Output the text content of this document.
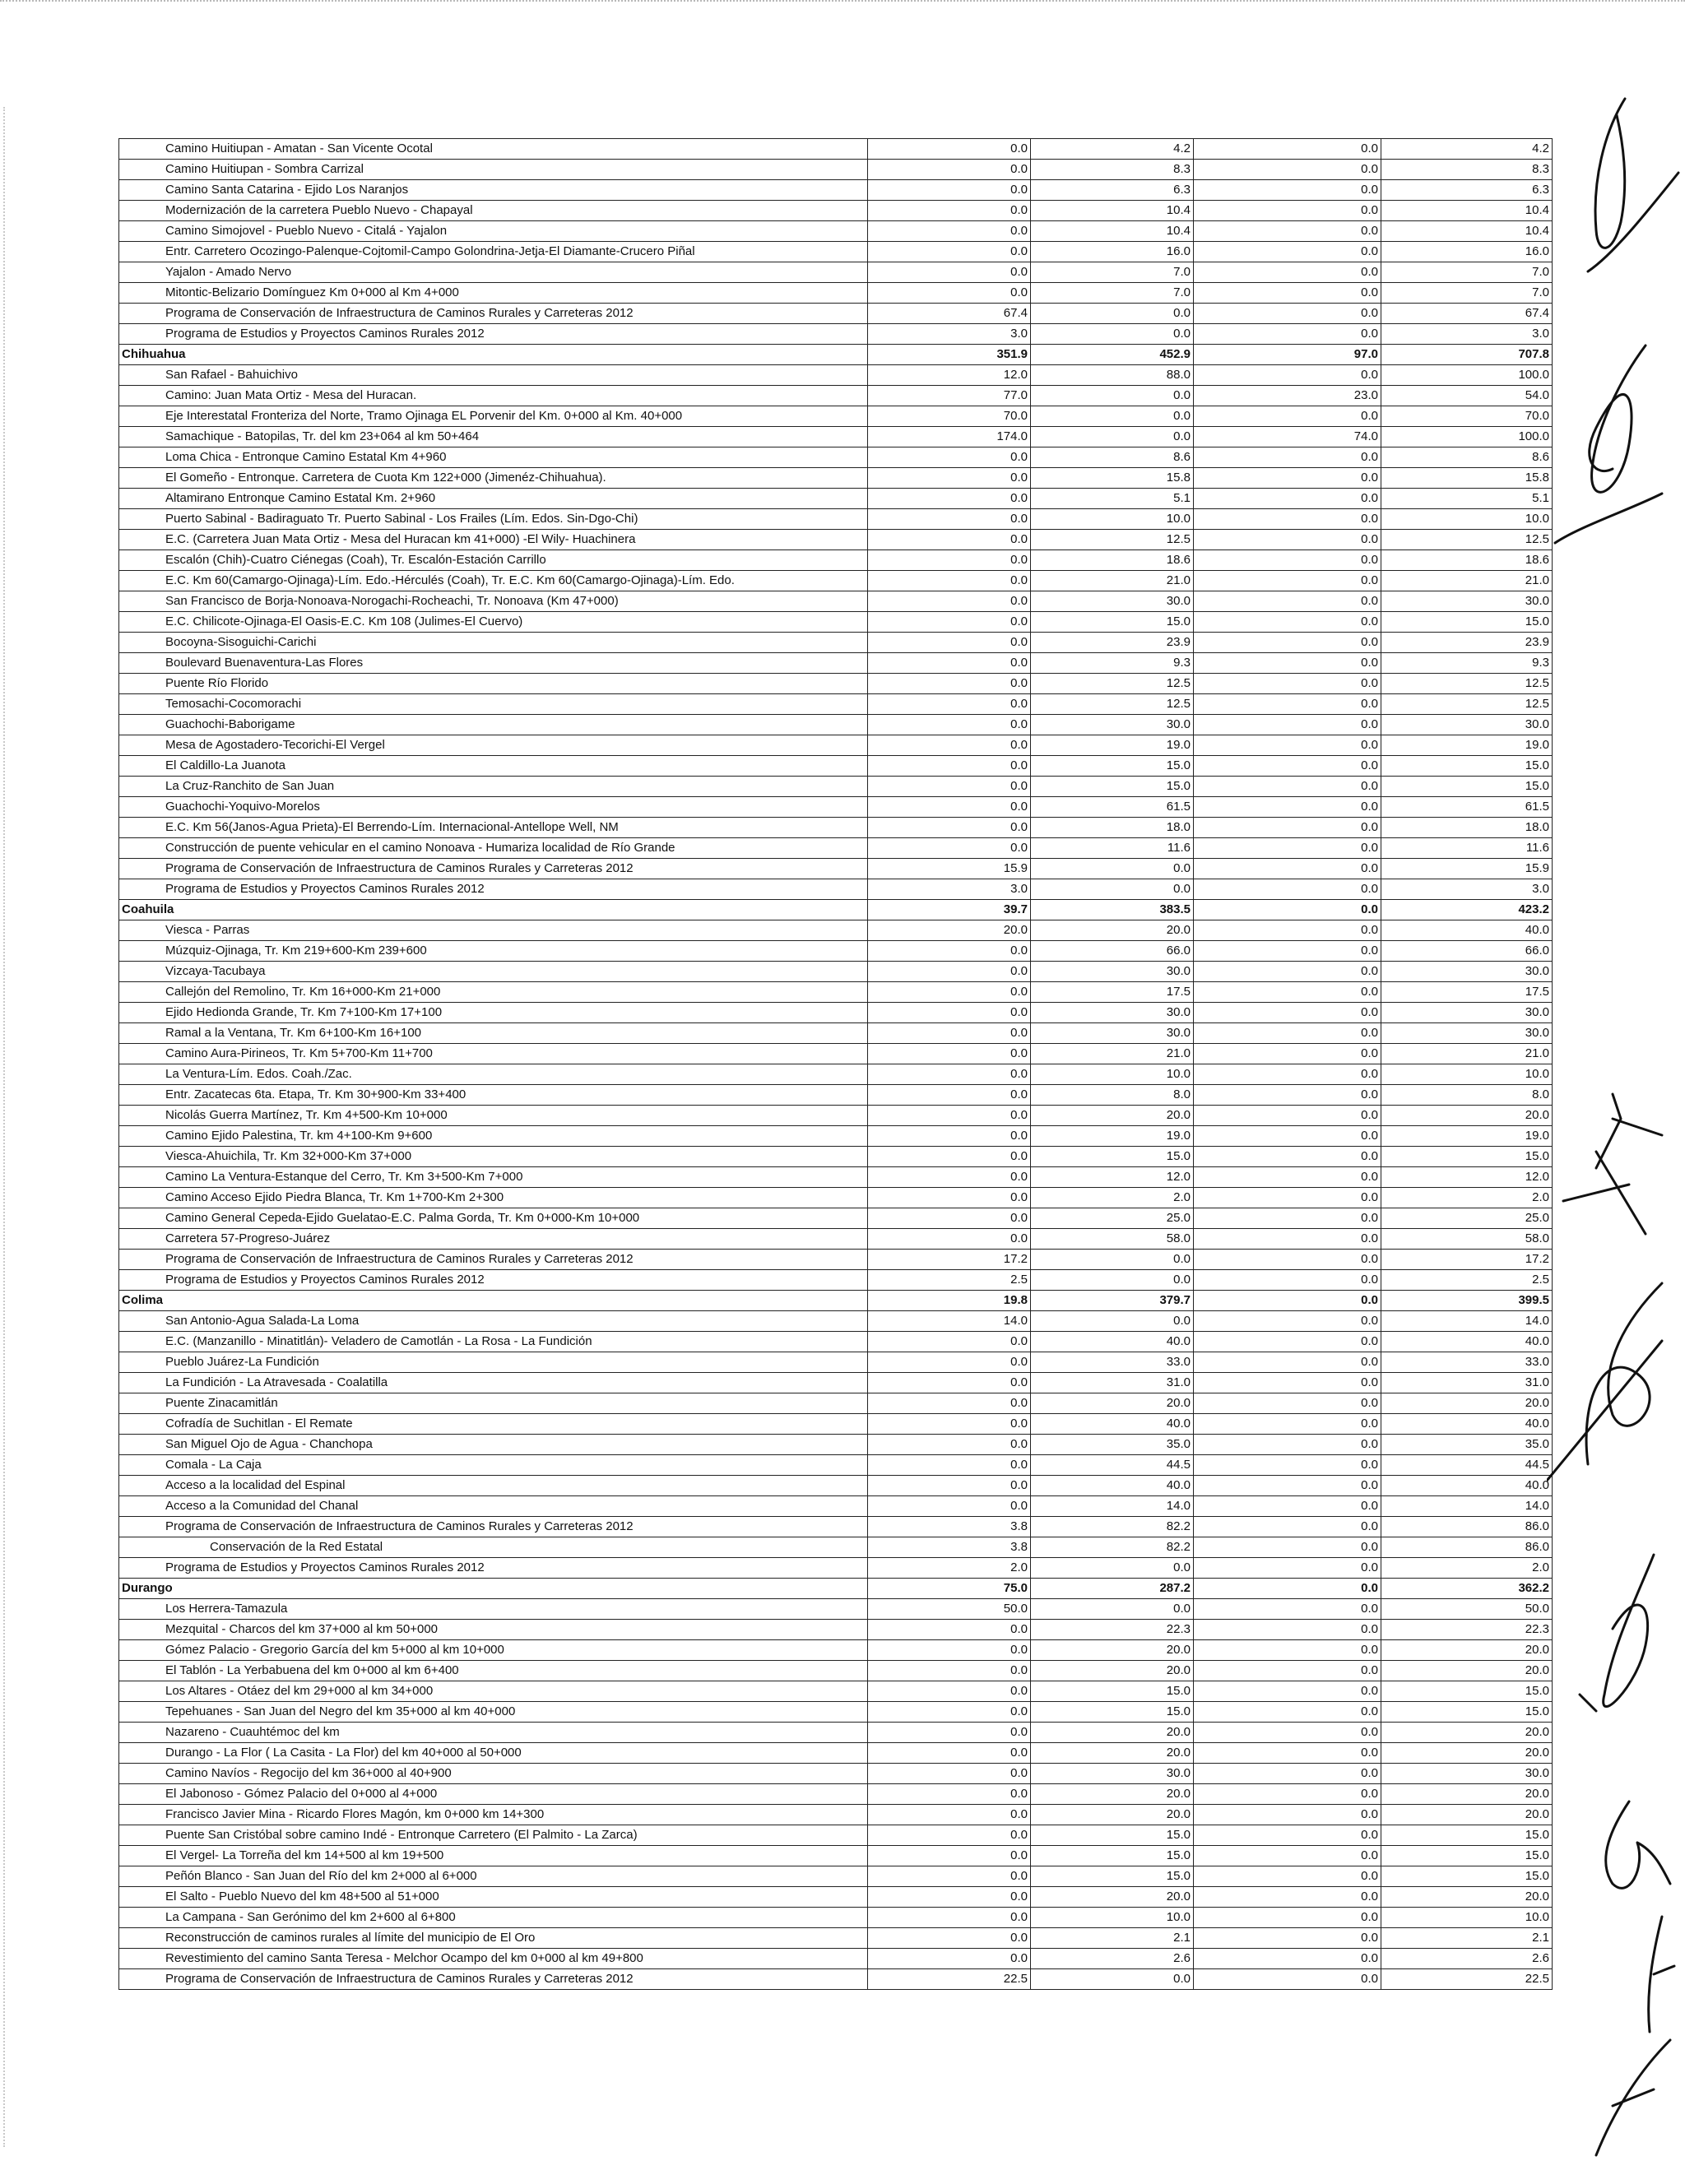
Camino Huitiupan - Amatan - San Vicente Ocotal	0.0	4.2	0.0	4.2
Camino Huitiupan - Sombra Carrizal	0.0	8.3	0.0	8.3
Camino Santa Catarina - Ejido Los Naranjos	0.0	6.3	0.0	6.3
Modernización de la carretera Pueblo Nuevo - Chapayal	0.0	10.4	0.0	10.4
Camino Simojovel - Pueblo Nuevo - Citalá - Yajalon	0.0	10.4	0.0	10.4
Entr. Carretero Ocozingo-Palenque-Cojtomil-Campo Golondrina-Jetja-El Diamante-Crucero Piñal	0.0	16.0	0.0	16.0
Yajalon - Amado Nervo	0.0	7.0	0.0	7.0
Mitontic-Belizario Domínguez Km 0+000 al Km 4+000	0.0	7.0	0.0	7.0
Programa de Conservación de Infraestructura de Caminos Rurales y Carreteras 2012	67.4	0.0	0.0	67.4
Programa de Estudios y Proyectos Caminos Rurales 2012	3.0	0.0	0.0	3.0
Chihuahua	351.9	452.9	97.0	707.8
San Rafael - Bahuichivo	12.0	88.0	0.0	100.0
Camino: Juan Mata Ortiz - Mesa del Huracan.	77.0	0.0	23.0	54.0
Eje Interestatal Fronteriza del Norte, Tramo Ojinaga EL Porvenir del Km. 0+000 al Km. 40+000	70.0	0.0	0.0	70.0
Samachique - Batopilas, Tr. del km 23+064 al km 50+464	174.0	0.0	74.0	100.0
Loma Chica - Entronque Camino Estatal Km 4+960	0.0	8.6	0.0	8.6
El Gomeño - Entronque. Carretera de Cuota Km 122+000 (Jimenéz-Chihuahua).	0.0	15.8	0.0	15.8
Altamirano Entronque Camino Estatal Km. 2+960	0.0	5.1	0.0	5.1
Puerto Sabinal - Badiraguato Tr. Puerto Sabinal - Los Frailes (Lím. Edos. Sin-Dgo-Chi)	0.0	10.0	0.0	10.0
E.C. (Carretera Juan Mata Ortiz - Mesa del Huracan km 41+000) -El Wily- Huachinera	0.0	12.5	0.0	12.5
Escalón (Chih)-Cuatro Ciénegas (Coah), Tr. Escalón-Estación Carrillo	0.0	18.6	0.0	18.6
E.C. Km 60(Camargo-Ojinaga)-Lím. Edo.-Hérculés (Coah), Tr. E.C. Km 60(Camargo-Ojinaga)-Lím. Edo.	0.0	21.0	0.0	21.0
San Francisco de Borja-Nonoava-Norogachi-Rocheachi, Tr. Nonoava (Km 47+000)	0.0	30.0	0.0	30.0
E.C. Chilicote-Ojinaga-El Oasis-E.C. Km 108 (Julimes-El Cuervo)	0.0	15.0	0.0	15.0
Bocoyna-Sisoguichi-Carichi	0.0	23.9	0.0	23.9
Boulevard Buenaventura-Las Flores	0.0	9.3	0.0	9.3
Puente Río Florido	0.0	12.5	0.0	12.5
Temosachi-Cocomorachi	0.0	12.5	0.0	12.5
Guachochi-Baborigame	0.0	30.0	0.0	30.0
Mesa de Agostadero-Tecorichi-El Vergel	0.0	19.0	0.0	19.0
El Caldillo-La Juanota	0.0	15.0	0.0	15.0
La Cruz-Ranchito de San Juan	0.0	15.0	0.0	15.0
Guachochi-Yoquivo-Morelos	0.0	61.5	0.0	61.5
E.C. Km 56(Janos-Agua Prieta)-El Berrendo-Lím. Internacional-Antellope Well, NM	0.0	18.0	0.0	18.0
Construcción de puente vehicular en el camino Nonoava - Humariza localidad de Río Grande	0.0	11.6	0.0	11.6
Programa de Conservación de Infraestructura de Caminos Rurales y Carreteras 2012	15.9	0.0	0.0	15.9
Programa de Estudios y Proyectos Caminos Rurales 2012	3.0	0.0	0.0	3.0
Coahuila	39.7	383.5	0.0	423.2
Viesca - Parras	20.0	20.0	0.0	40.0
Múzquiz-Ojinaga, Tr. Km 219+600-Km 239+600	0.0	66.0	0.0	66.0
Vizcaya-Tacubaya	0.0	30.0	0.0	30.0
Callejón del Remolino, Tr. Km 16+000-Km 21+000	0.0	17.5	0.0	17.5
Ejido Hedionda Grande, Tr. Km 7+100-Km 17+100	0.0	30.0	0.0	30.0
Ramal a la Ventana, Tr. Km 6+100-Km 16+100	0.0	30.0	0.0	30.0
Camino Aura-Pirineos, Tr. Km 5+700-Km 11+700	0.0	21.0	0.0	21.0
La Ventura-Lím. Edos. Coah./Zac.	0.0	10.0	0.0	10.0
Entr. Zacatecas 6ta. Etapa, Tr. Km 30+900-Km 33+400	0.0	8.0	0.0	8.0
Nicolás Guerra Martínez, Tr. Km 4+500-Km 10+000	0.0	20.0	0.0	20.0
Camino Ejido Palestina, Tr. km 4+100-Km 9+600	0.0	19.0	0.0	19.0
Viesca-Ahuichila, Tr. Km 32+000-Km 37+000	0.0	15.0	0.0	15.0
Camino La Ventura-Estanque del Cerro, Tr. Km 3+500-Km 7+000	0.0	12.0	0.0	12.0
Camino Acceso Ejido Piedra Blanca, Tr. Km 1+700-Km 2+300	0.0	2.0	0.0	2.0
Camino General Cepeda-Ejido Guelatao-E.C. Palma Gorda, Tr. Km 0+000-Km 10+000	0.0	25.0	0.0	25.0
Carretera 57-Progreso-Juárez	0.0	58.0	0.0	58.0
Programa de Conservación de Infraestructura de Caminos Rurales y Carreteras 2012	17.2	0.0	0.0	17.2
Programa de Estudios y Proyectos Caminos Rurales 2012	2.5	0.0	0.0	2.5
Colima	19.8	379.7	0.0	399.5
San Antonio-Agua Salada-La Loma	14.0	0.0	0.0	14.0
E.C. (Manzanillo - Minatitlán)- Veladero de Camotlán - La Rosa - La Fundición	0.0	40.0	0.0	40.0
Pueblo Juárez-La Fundición	0.0	33.0	0.0	33.0
La Fundición - La Atravesada - Coalatilla	0.0	31.0	0.0	31.0
Puente Zinacamitlán	0.0	20.0	0.0	20.0
Cofradía de Suchitlan - El Remate	0.0	40.0	0.0	40.0
San Miguel Ojo de Agua - Chanchopa	0.0	35.0	0.0	35.0
Comala - La Caja	0.0	44.5	0.0	44.5
Acceso a la localidad del Espinal	0.0	40.0	0.0	40.0
Acceso a la Comunidad del Chanal	0.0	14.0	0.0	14.0
Programa de Conservación de Infraestructura de Caminos Rurales y Carreteras 2012	3.8	82.2	0.0	86.0
Conservación de la Red Estatal	3.8	82.2	0.0	86.0
Programa de Estudios y Proyectos Caminos Rurales 2012	2.0	0.0	0.0	2.0
Durango	75.0	287.2	0.0	362.2
Los Herrera-Tamazula	50.0	0.0	0.0	50.0
Mezquital - Charcos del km 37+000 al km 50+000	0.0	22.3	0.0	22.3
Gómez Palacio - Gregorio García del km 5+000 al km 10+000	0.0	20.0	0.0	20.0
El Tablón - La Yerbabuena del km 0+000 al km 6+400	0.0	20.0	0.0	20.0
Los Altares - Otáez del km 29+000 al km 34+000	0.0	15.0	0.0	15.0
Tepehuanes - San Juan del Negro del km 35+000 al km 40+000	0.0	15.0	0.0	15.0
Nazareno - Cuauhtémoc del km	0.0	20.0	0.0	20.0
Durango - La Flor ( La Casita - La Flor) del km 40+000 al 50+000	0.0	20.0	0.0	20.0
Camino Navíos - Regocijo del km 36+000 al 40+900	0.0	30.0	0.0	30.0
El Jabonoso - Gómez Palacio del 0+000 al 4+000	0.0	20.0	0.0	20.0
Francisco Javier Mina - Ricardo Flores Magón, km 0+000 km 14+300	0.0	20.0	0.0	20.0
Puente San Cristóbal sobre camino Indé - Entronque Carretero (El Palmito - La Zarca)	0.0	15.0	0.0	15.0
El Vergel- La Torreña del km 14+500 al km 19+500	0.0	15.0	0.0	15.0
Peñón Blanco - San Juan del Río del km 2+000 al 6+000	0.0	15.0	0.0	15.0
El Salto - Pueblo Nuevo del km 48+500 al 51+000	0.0	20.0	0.0	20.0
La Campana - San Gerónimo del km 2+600 al 6+800	0.0	10.0	0.0	10.0
Reconstrucción de caminos rurales al límite del municipio de El Oro	0.0	2.1	0.0	2.1
Revestimiento del camino Santa Teresa - Melchor Ocampo del km 0+000 al km 49+800	0.0	2.6	0.0	2.6
Programa de Conservación de Infraestructura de Caminos Rurales y Carreteras 2012	22.5	0.0	0.0	22.5
